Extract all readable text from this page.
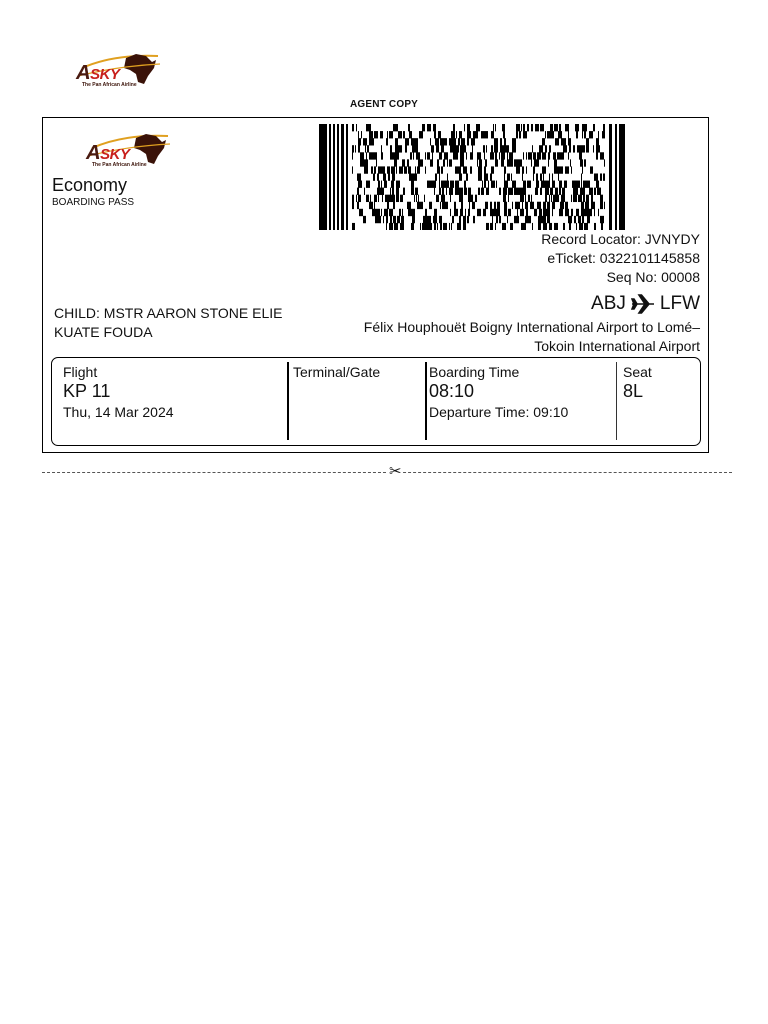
ASKY
The Pan African Airline
AGENT COPY
ASKY
The Pan African Airline
Economy
BOARDING PASS
Record Locator: JVNYDY
eTicket: 0322101145858
Seq No: 00008
CHILD: MSTR AARON STONE ELIE
KUATE FOUDA
ABJ LFW
Félix Houphouët Boigny International Airport to Lomé–
Tokoin International Airport
Flight
KP 11
Thu, 14 Mar 2024
Terminal/Gate	Boarding Time
08:10
Departure Time: 09:10
Seat
8L
✂
